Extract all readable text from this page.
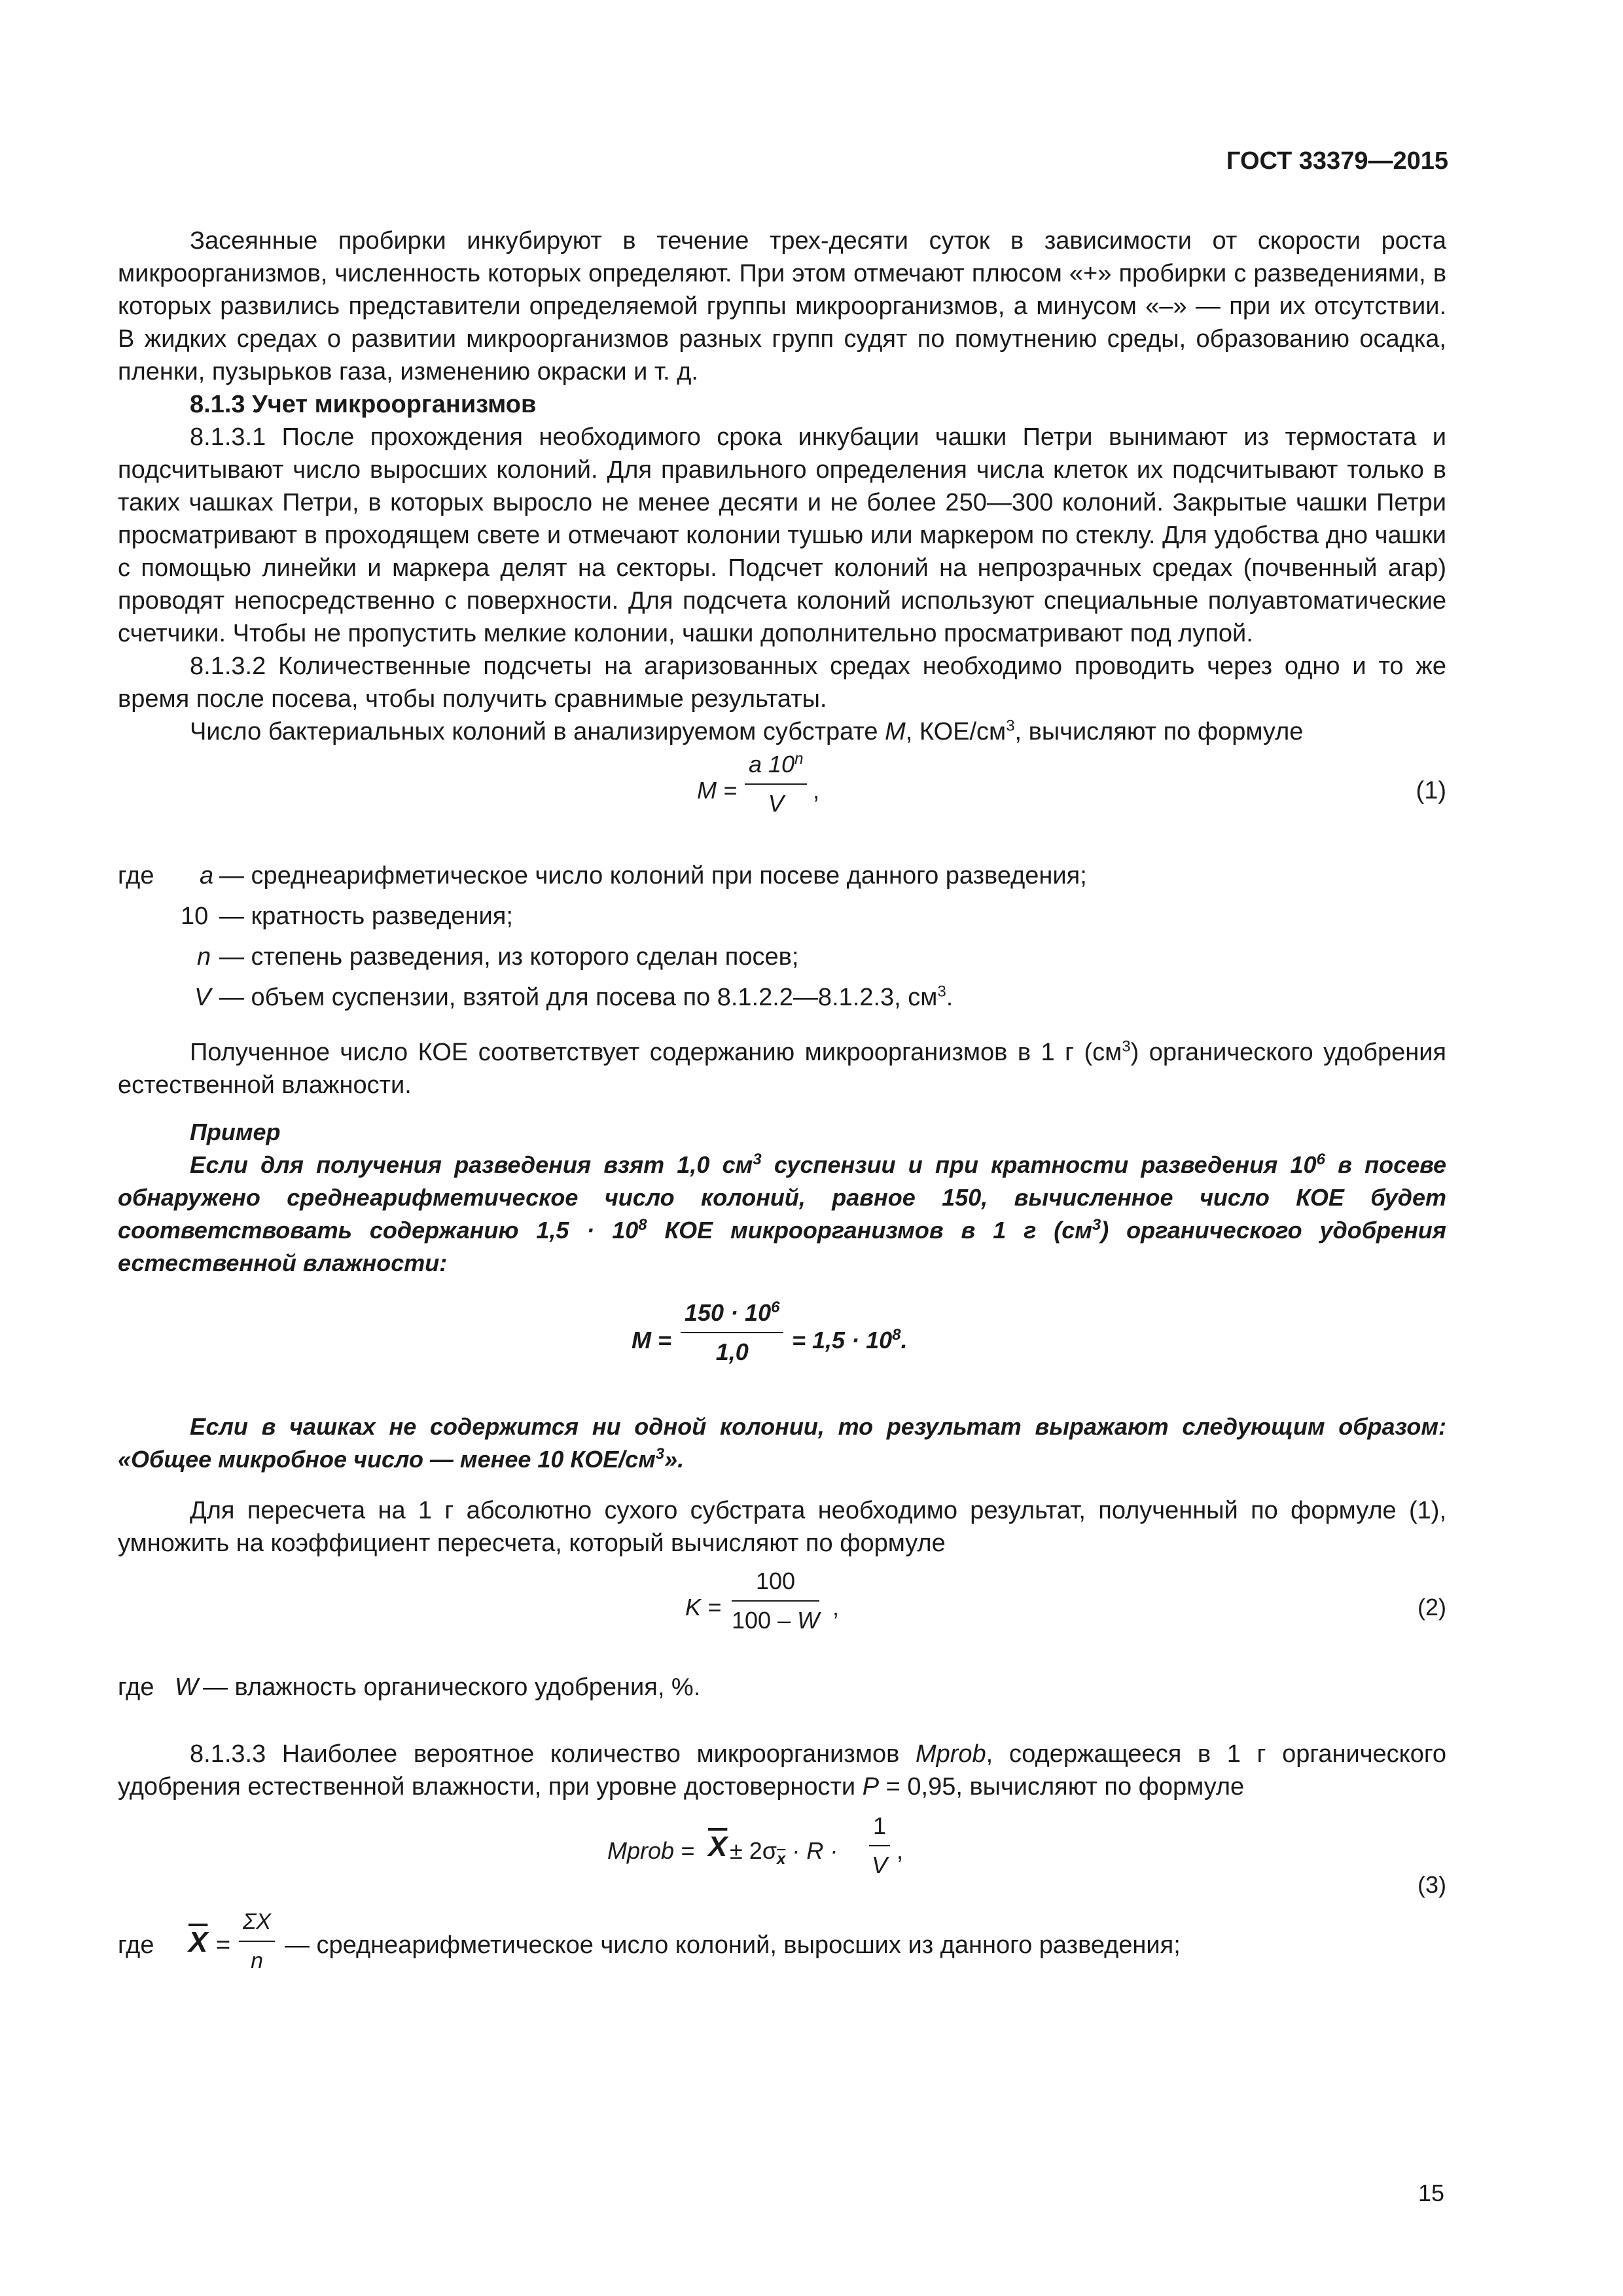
ГОСТ 33379—2015

Засеянные пробирки инкубируют в течение трех-десяти суток в зависимости от скорости роста микроорганизмов, численность которых определяют. При этом отмечают плюсом «+» пробирки с разведениями, в которых развились представители определяемой группы микроорганизмов, а минусом «–» — при их отсутствии. В жидких средах о развитии микроорганизмов разных групп судят по помутнению среды, образованию осадка, пленки, пузырьков газа, изменению окраски и т. д.

8.1.3 Учет микроорганизмов

8.1.3.1 После прохождения необходимого срока инкубации чашки Петри вынимают из термостата и подсчитывают число выросших колоний. Для правильного определения числа клеток их подсчитывают только в таких чашках Петри, в которых выросло не менее десяти и не более 250—300 колоний. Закрытые чашки Петри просматривают в проходящем свете и отмечают колонии тушью или маркером по стеклу. Для удобства дно чашки с помощью линейки и маркера делят на секторы. Подсчет колоний на непрозрачных средах (почвенный агар) проводят непосредственно с поверхности. Для подсчета колоний используют специальные полуавтоматические счетчики. Чтобы не пропустить мелкие колонии, чашки дополнительно просматривают под лупой.

8.1.3.2 Количественные подсчеты на агаризованных средах необходимо проводить через одно и то же время после посева, чтобы получить сравнимые результаты.

Число бактериальных колоний в анализируемом субстрате M, КОЕ/$см^3$, вычисляют по формуле

$M = \frac{a 10^n}{V}$ ,	(1)
где a — среднеарифметическое число колоний при посеве данного разведения;
10 — кратность разведения;
n — степень разведения, из которого сделан посев;
V — объем суспензии, взятой для посева по 8.1.2.2—8.1.2.3, $см^3$.

Полученное число КОЕ соответствует содержанию микроорганизмов в 1 г $(см^3)$ органического удобрения естественной влажности.

Пример

Если для получения разведения взят 1,0 $см^3$ суспензии и при кратности разведения $10^6$ в посеве обнаружено среднеарифметическое число колоний, равное 150, вычисленное число КОЕ будет соответствовать содержанию $1,5 \cdot 10^8$ КОЕ микроорганизмов в 1 г $(см^3)$ органического удобрения естественной влажности:

$M = \frac{150 \cdot 10^6}{1,0} = 1,5 \cdot 10^8$.

Если в чашках не содержится ни одной колонии, то результат выражают следующим образом: «Общее микробное число — менее 10 КОЕ/$см^3$».

Для пересчета на 1 г абсолютно сухого субстрата необходимо результат, полученный по формуле (1), умножить на коэффициент пересчета, который вычисляют по формуле

$K = \frac{100}{100 - W}$ ,	(2)
где W — влажность органического удобрения, %.

8.1.3.3 Наиболее вероятное количество микроорганизмов Mprob, содержащееся в 1 г органического удобрения естественной влажности, при уровне достоверности P = 0,95, вычисляют по формуле

Mprob = $\overline{X} \pm 2\sigma_{\overline{x}} \cdot R \cdot \frac{1}{V}$ ,
(3)
где $\overline{X} = \frac{\Sigma X}{n}$ — среднеарифметическое число колоний, выросших из данного разведения;
15
